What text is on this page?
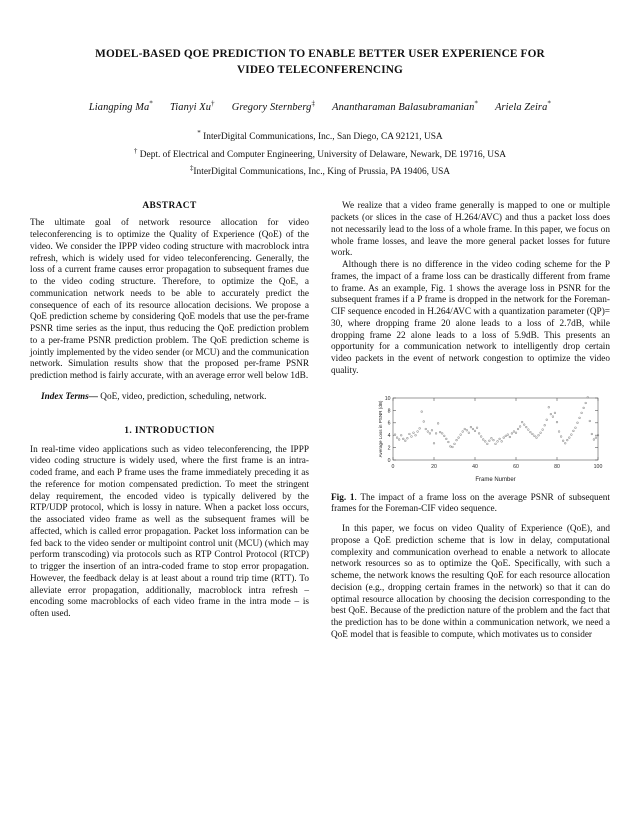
MODEL-BASED QOE PREDICTION TO ENABLE BETTER USER EXPERIENCE FOR
VIDEO TELECONFERENCING
Liangping Ma* Tianyi Xu† Gregory Sternberg‡ Anantharaman Balasubramanian* Ariela Zeira*
* InterDigital Communications, Inc., San Diego, CA 92121, USA
† Dept. of Electrical and Computer Engineering, University of Delaware, Newark, DE 19716, USA
‡InterDigital Communications, Inc., King of Prussia, PA 19406, USA
ABSTRACT

The ultimate goal of network resource allocation for video teleconferencing is to optimize the Quality of Experience (QoE) of the video. We consider the IPPP video coding structure with macroblock intra refresh, which is widely used for video teleconferencing. Generally, the loss of a current frame causes error propagation to subsequent frames due to the video coding structure. Therefore, to optimize the QoE, a communication network needs to be able to accurately predict the consequence of each of its resource allocation decisions. We propose a QoE prediction scheme by considering QoE models that use the per-frame PSNR time series as the input, thus reducing the QoE prediction problem to a per-frame PSNR prediction problem. The QoE prediction scheme is jointly implemented by the video sender (or MCU) and the communication network. Simulation results show that the proposed per-frame PSNR prediction method is fairly accurate, with an average error well below 1dB.

Index Terms— QoE, video, prediction, scheduling, network.

1. INTRODUCTION

In real-time video applications such as video teleconferencing, the IPPP video coding structure is widely used, where the first frame is an intra-coded frame, and each P frame uses the frame immediately preceding it as the reference for motion compensated prediction. To meet the stringent delay requirement, the encoded video is typically delivered by the RTP/UDP protocol, which is lossy in nature. When a packet loss occurs, the associated video frame as well as the subsequent frames will be affected, which is called error propagation. Packet loss information can be fed back to the video sender or multipoint control unit (MCU) (which may perform transcoding) via protocols such as RTP Control Protocol (RTCP) to trigger the insertion of an intra-coded frame to stop error propagation. However, the feedback delay is at least about a round trip time (RTT). To alleviate error propagation, additionally, macroblock intra refresh – encoding some macroblocks of each video frame in the intra mode – is often used.

We realize that a video frame generally is mapped to one or multiple packets (or slices in the case of H.264/AVC) and thus a packet loss does not necessarily lead to the loss of a whole frame. In this paper, we focus on whole frame losses, and leave the more general packet losses for future work.

Although there is no difference in the video coding scheme for the P frames, the impact of a frame loss can be drastically different from frame to frame. As an example, Fig. 1 shows the average loss in PSNR for the subsequent frames if a P frame is dropped in the network for the Foreman-CIF sequence encoded in H.264/AVC with a quantization parameter (QP)= 30, where dropping frame 20 alone leads to a loss of 2.7dB, while dropping frame 22 alone leads to a loss of 5.9dB. This presents an opportunity for a communication network to intelligently drop certain video packets in the event of network congestion to optimize the video quality.

0	20	40	60	80	100
0
2
4
6
8
10
Frame Number
Average Loss in PSNR (dB)
Fig. 1. The impact of a frame loss on the average PSNR of subsequent frames for the Foreman-CIF video sequence.

In this paper, we focus on video Quality of Experience (QoE), and propose a QoE prediction scheme that is low in delay, computational complexity and communication overhead to enable a network to allocate network resources so as to optimize the QoE. Specifically, with such a scheme, the network knows the resulting QoE for each resource allocation decision (e.g., dropping certain frames in the network) so that it can do optimal resource allocation by choosing the decision corresponding to the best QoE. Because of the prediction nature of the problem and the fact that the prediction has to be done within a communication network, we need a QoE model that is feasible to compute, which motivates us to consider
